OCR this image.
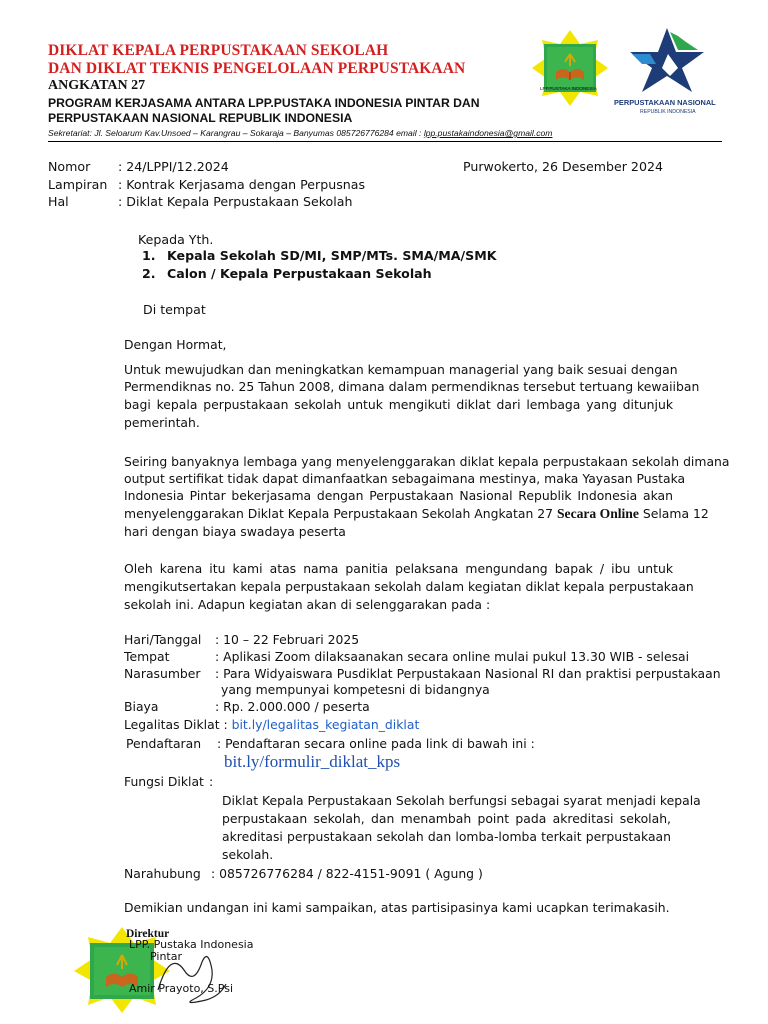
DIKLAT KEPALA PERPUSTAKAAN SEKOLAH
DAN DIKLAT TEKNIS PENGELOLAAN PERPUSTAKAAN
ANGKATAN 27
PROGRAM KERJASAMA ANTARA LPP.PUSTAKA INDONESIA PINTAR DAN
PERPUSTAKAAN NASIONAL REPUBLIK INDONESIA
Sekretariat: Jl. Seloarum Kav.Unsoed – Karangrau – Sokaraja – Banyumas 085726776284 email : lpp.pustakaindonesia@gmail.com
LPP.PUSTAKA INDONESIA
PERPUSTAKAAN NASIONAL
REPUBLIK INDONESIA
Nomor : 24/LPPI/12.2024	Purwokerto, 26 Desember 2024
Lampiran : Kontrak Kerjasama dengan Perpusnas
Hal	: Diklat Kepala Perpustakaan Sekolah
Kepada Yth.
1. Kepala Sekolah SD/MI, SMP/MTs. SMA/MA/SMK
2. Calon / Kepala Perpustakaan Sekolah
Di tempat
Dengan Hormat,
Untuk mewujudkan dan meningkatkan kemampuan managerial yang baik sesuai dengan
Permendiknas no. 25 Tahun 2008, dimana dalam permendiknas tersebut tertuang kewaiiban
bagi kepala perpustakaan sekolah untuk mengikuti diklat dari lembaga yang ditunjuk
pemerintah.
Seiring banyaknya lembaga yang menyelenggarakan diklat kepala perpustakaan sekolah dimana
output sertifikat tidak dapat dimanfaatkan sebagaimana mestinya, maka Yayasan Pustaka
Indonesia Pintar bekerjasama dengan Perpustakaan Nasional Republik Indonesia akan
menyelenggarakan Diklat Kepala Perpustakaan Sekolah Angkatan 27 Secara Online Selama 12
hari dengan biaya swadaya peserta
Oleh karena itu kami atas nama panitia pelaksana mengundang bapak / ibu untuk
mengikutsertakan kepala perpustakaan sekolah dalam kegiatan diklat kepala perpustakaan
sekolah ini. Adapun kegiatan akan di selenggarakan pada :
Hari/Tanggal : 10 – 22 Februari 2025
Tempat	: Aplikasi Zoom dilaksaanakan secara online mulai pukul 13.30 WIB - selesai
Narasumber : Para Widyaiswara Pusdiklat Perpustakaan Nasional RI dan praktisi perpustakaan
yang mempunyai kompetesni di bidangnya
Biaya	: Rp. 2.000.000 / peserta
Legalitas Diklat : bit.ly/legalitas_kegiatan_diklat
Pendaftaran : Pendaftaran secara online pada link di bawah ini :
bit.ly/formulir_diklat_kps
Fungsi Diklat :
Diklat Kepala Perpustakaan Sekolah berfungsi sebagai syarat menjadi kepala
perpustakaan sekolah, dan menambah point pada akreditasi sekolah,
akreditasi perpustakaan sekolah dan lomba-lomba terkait perpustakaan
sekolah.
Narahubung : 085726776284 / 822-4151-9091 ( Agung )
Demikian undangan ini kami sampaikan, atas partisipasinya kami ucapkan terimakasih.
Direktur
LPP. Pustaka Indonesia
Pintar
Amir Prayoto, S.Psi
